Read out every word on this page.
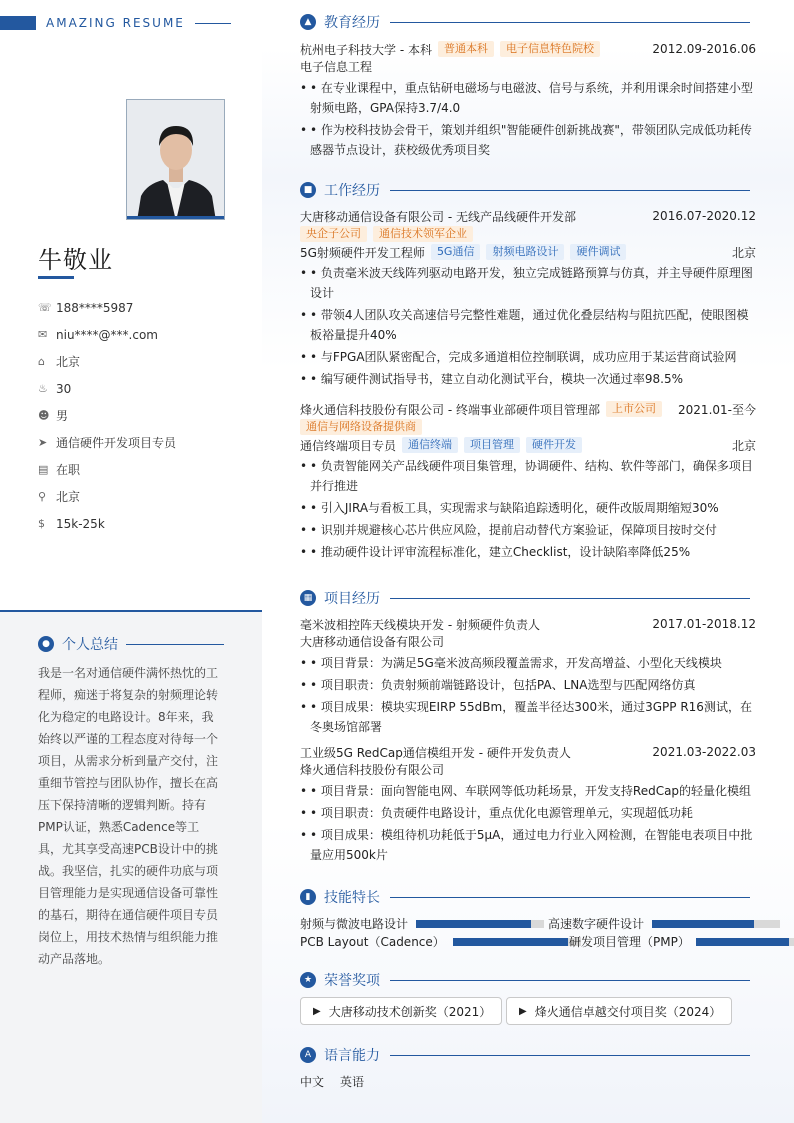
AMAZING RESUME
牛敬业
☏ 188****5987
✉ niu****@***.com
⌂ 北京
♨ 30
☻ 男
➤ 通信硬件开发项目专员
▤ 在职
⚲ 北京
$ 15k-25k
● 个人总结
我是一名对通信硬件满怀热忱的工程师，痴迷于将复杂的射频理论转化为稳定的电路设计。8年来，我始终以严谨的工程态度对待每一个项目，从需求分析到量产交付，注重细节管控与团队协作，擅长在高压下保持清晰的逻辑判断。持有PMP认证，熟悉Cadence等工具，尤其享受高速PCB设计中的挑战。我坚信，扎实的硬件功底与项目管理能力是实现通信设备可靠性的基石，期待在通信硬件项目专员岗位上，用技术热情与组织能力推动产品落地。
▲ 教育经历
杭州电子科技大学 - 本科	普通本科	电子信息特色院校	2012.09-2016.06
电子信息工程
• • 在专业课程中，重点钻研电磁场与电磁波、信号与系统，并利用课余时间搭建小型射频电路，GPA保持3.7/4.0
• • 作为校科技协会骨干，策划并组织"智能硬件创新挑战赛"，带领团队完成低功耗传感器节点设计，获校级优秀项目奖
■ 工作经历
大唐移动通信设备有限公司 - 无线产品线硬件开发部	2016.07-2020.12
央企子公司	通信技术领军企业
5G射频硬件开发工程师	5G通信	射频电路设计	硬件调试	北京
• • 负责毫米波天线阵列驱动电路开发，独立完成链路预算与仿真，并主导硬件原理图设计
• • 带领4人团队攻关高速信号完整性难题，通过优化叠层结构与阻抗匹配，使眼图模板裕量提升40%
• • 与FPGA团队紧密配合，完成多通道相位控制联调，成功应用于某运营商试验网
• • 编写硬件测试指导书，建立自动化测试平台，模块一次通过率98.5%
烽火通信科技股份有限公司 - 终端事业部硬件项目管理部	上市公司	2021.01-至今
通信与网络设备提供商
通信终端项目专员	通信终端	项目管理	硬件开发	北京
• • 负责智能网关产品线硬件项目集管理，协调硬件、结构、软件等部门，确保多项目并行推进
• • 引入JIRA与看板工具，实现需求与缺陷追踪透明化，硬件改版周期缩短30%
• • 识别并规避核心芯片供应风险，提前启动替代方案验证，保障项目按时交付
• • 推动硬件设计评审流程标准化，建立Checklist，设计缺陷率降低25%
▦ 项目经历
毫米波相控阵天线模块开发 - 射频硬件负责人	2017.01-2018.12
大唐移动通信设备有限公司
• • 项目背景：为满足5G毫米波高频段覆盖需求，开发高增益、小型化天线模块
• • 项目职责：负责射频前端链路设计，包括PA、LNA选型与匹配网络仿真
• • 项目成果：模块实现EIRP 55dBm，覆盖半径达300米，通过3GPP R16测试，在冬奥场馆部署
工业级5G RedCap通信模组开发 - 硬件开发负责人	2021.03-2022.03
烽火通信科技股份有限公司
• • 项目背景：面向智能电网、车联网等低功耗场景，开发支持RedCap的轻量化模组
• • 项目职责：负责硬件电路设计，重点优化电源管理单元，实现超低功耗
• • 项目成果：模组待机功耗低于5μA，通过电力行业入网检测，在智能电表项目中批量应用500k片
▮ 技能特长
射频与微波电路设计	高速数字硬件设计
PCB Layout（Cadence）	研发项目管理（PMP）
★ 荣誉奖项
▶ 大唐移动技术创新奖（2021）	▶ 烽火通信卓越交付项目奖（2024）
A 语言能力
中文 英语
